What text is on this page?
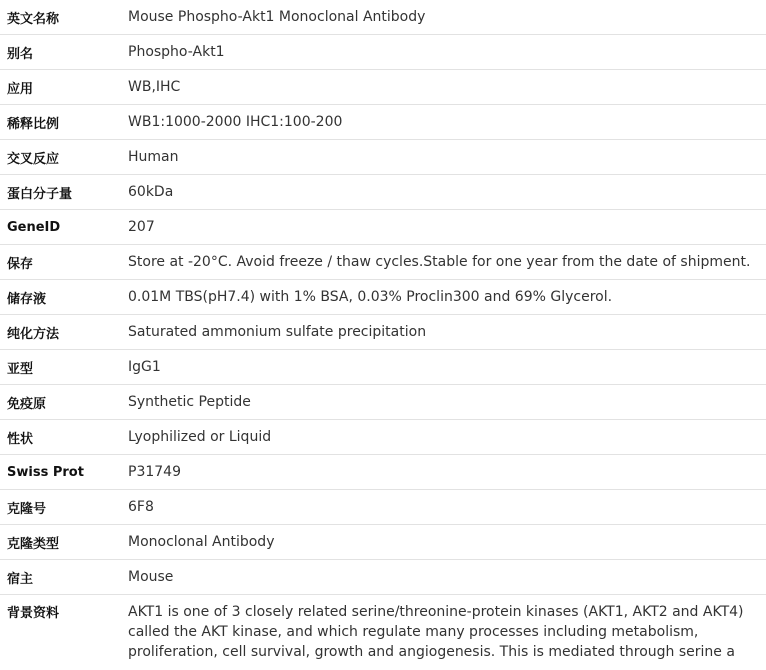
英文名称	Mouse Phospho-Akt1 Monoclonal Antibody
别名	Phospho-Akt1
应用	WB,IHC
稀释比例	WB1:1000-2000 IHC1:100-200
交叉反应	Human
蛋白分子量	60kDa
GeneID	207
保存	Store at -20°C. Avoid freeze / thaw cycles.Stable for one year from the date of shipment.
储存液	0.01M TBS(pH7.4) with 1% BSA, 0.03% Proclin300 and 69% Glycerol.
纯化方法	Saturated ammonium sulfate precipitation
亚型	IgG1
免疫原	Synthetic Peptide
性状	Lyophilized or Liquid
Swiss Prot	P31749
克隆号	6F8
克隆类型	Monoclonal Antibody
宿主	Mouse
背景资料	AKT1 is one of 3 closely related serine/threonine-protein kinases (AKT1, AKT2 and AKT4) called the AKT kinase, and which regulate many processes including metabolism, proliferation, cell survival, growth and angiogenesis. This is mediated through serine a
